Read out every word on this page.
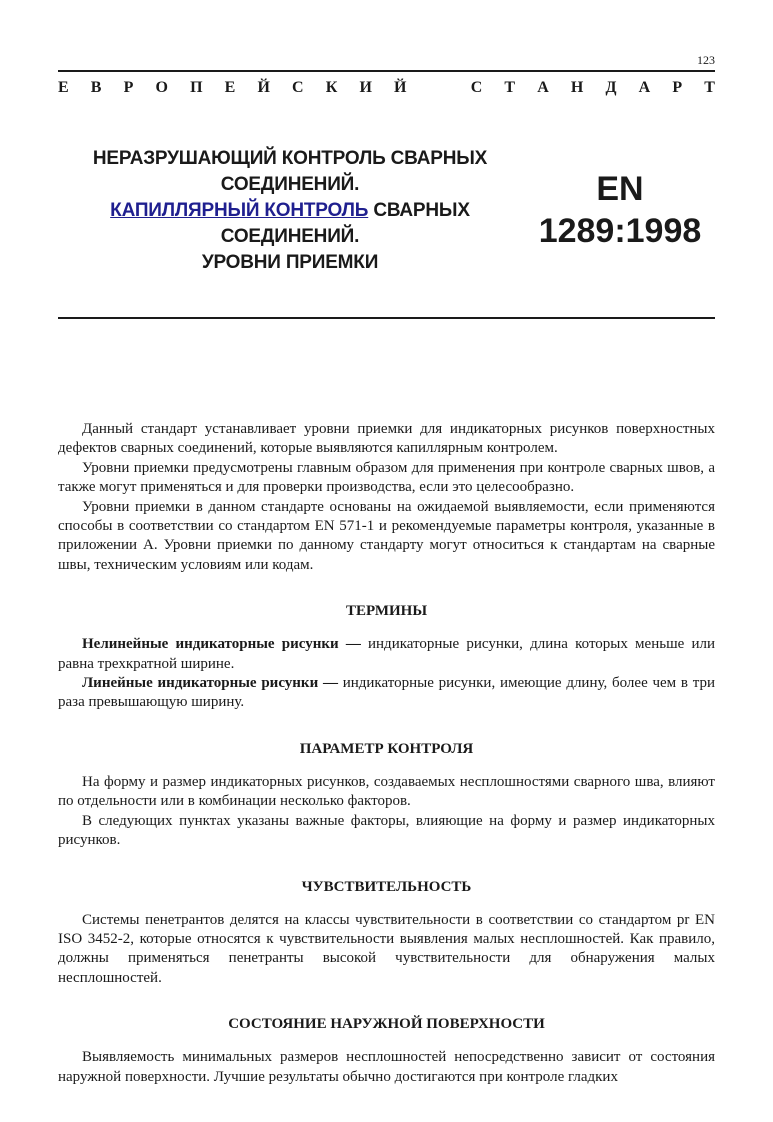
123
Е В Р О П Е Й С К И Й	С Т А Н Д А Р Т
НЕРАЗРУШАЮЩИЙ КОНТРОЛЬ СВАРНЫХ
СОЕДИНЕНИЙ.
КАПИЛЛЯРНЫЙ КОНТРОЛЬ СВАРНЫХ
СОЕДИНЕНИЙ.
УРОВНИ ПРИЕМКИ
EN
1289:1998

Данный стандарт устанавливает уровни приемки для индикаторных рисунков поверхностных дефектов сварных соединений, которые выявляются капиллярным контролем.

Уровни приемки предусмотрены главным образом для применения при контроле сварных швов, а также могут применяться и для проверки производства, если это целесообразно.

Уровни приемки в данном стандарте основаны на ожидаемой выявляемости, если применяются способы в соответствии со стандартом EN 571-1 и рекомендуемые параметры контроля, указанные в приложении А. Уровни приемки по данному стандарту могут относиться к стандартам на сварные швы, техническим условиям или кодам.

ТЕРМИНЫ

Нелинейные индикаторные рисунки — индикаторные рисунки, длина которых меньше или равна трехкратной ширине.

Линейные индикаторные рисунки — индикаторные рисунки, имеющие длину, более чем в три раза превышающую ширину.

ПАРАМЕТР КОНТРОЛЯ

На форму и размер индикаторных рисунков, создаваемых несплошностями сварного шва, влияют по отдельности или в комбинации несколько факторов.

В следующих пунктах указаны важные факторы, влияющие на форму и размер индикаторных рисунков.

ЧУВСТВИТЕЛЬНОСТЬ

Системы пенетрантов делятся на классы чувствительности в соответствии со стандартом pr EN ISO 3452-2, которые относятся к чувствительности выявления малых несплошностей. Как правило, должны применяться пенетранты высокой чувствительности для обнаружения малых несплошностей.

СОСТОЯНИЕ НАРУЖНОЙ ПОВЕРХНОСТИ

Выявляемость минимальных размеров несплошностей непосредственно зависит от состояния наружной поверхности. Лучшие результаты обычно достигаются при контроле гладких
